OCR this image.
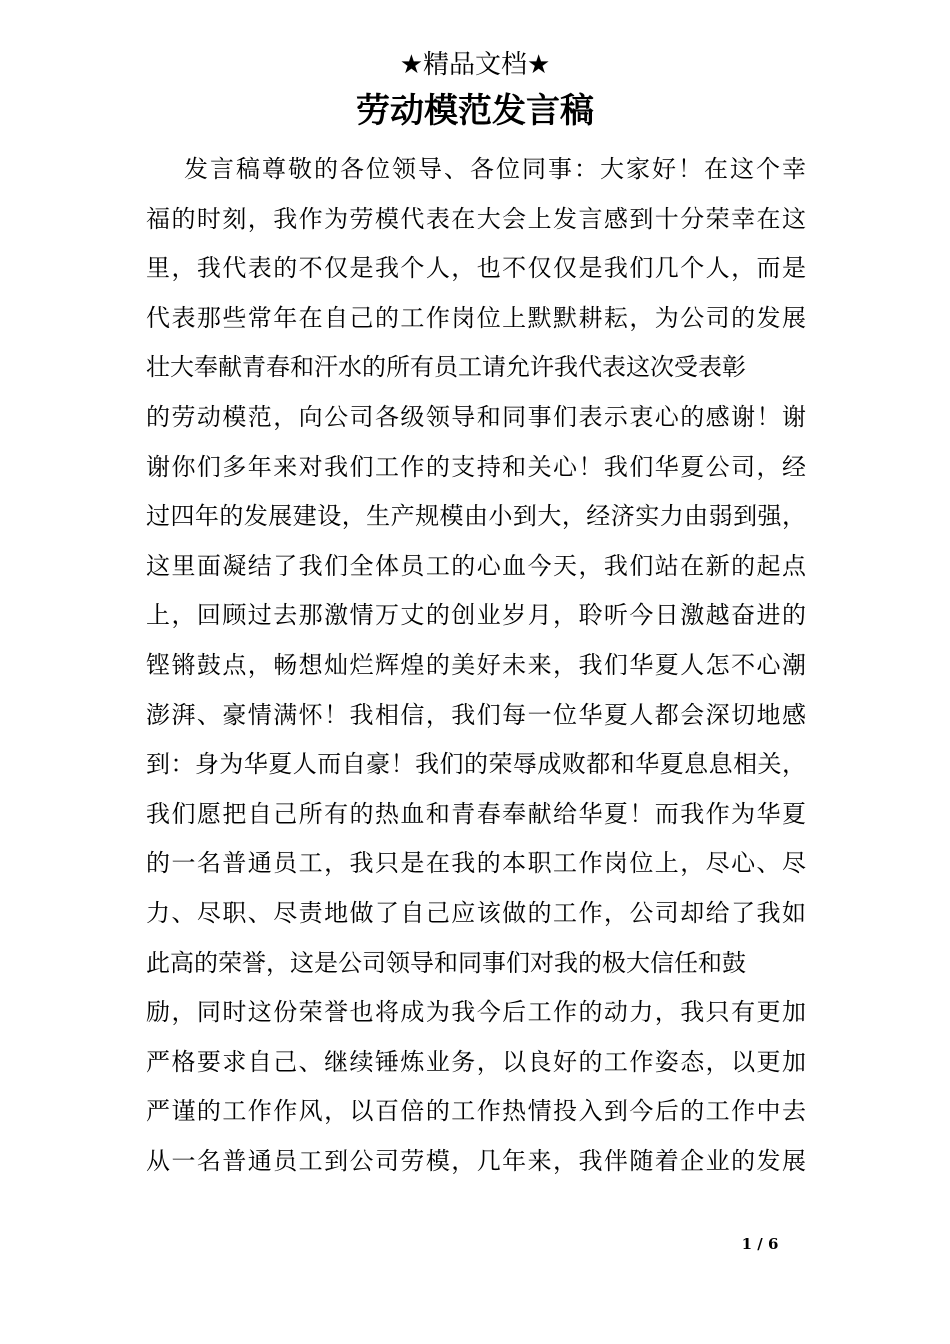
★精品文档★
劳动模范发言稿
发言稿尊敬的各位领导、各位同事：大家好！在这个幸
福的时刻，我作为劳模代表在大会上发言感到十分荣幸在这
里，我代表的不仅是我个人，也不仅仅是我们几个人，而是
代表那些常年在自己的工作岗位上默默耕耘，为公司的发展
壮大奉献青春和汗水的所有员工请允许我代表这次受表彰
的劳动模范，向公司各级领导和同事们表示衷心的感谢！谢
谢你们多年来对我们工作的支持和关心！我们华夏公司，经
过四年的发展建设，生产规模由小到大，经济实力由弱到强，
这里面凝结了我们全体员工的心血今天，我们站在新的起点
上，回顾过去那激情万丈的创业岁月，聆听今日激越奋进的
铿锵鼓点，畅想灿烂辉煌的美好未来，我们华夏人怎不心潮
澎湃、豪情满怀！我相信，我们每一位华夏人都会深切地感
到：身为华夏人而自豪！我们的荣辱成败都和华夏息息相关，
我们愿把自己所有的热血和青春奉献给华夏！而我作为华夏
的一名普通员工，我只是在我的本职工作岗位上，尽心、尽
力、尽职、尽责地做了自己应该做的工作，公司却给了我如
此高的荣誉，这是公司领导和同事们对我的极大信任和鼓
励，同时这份荣誉也将成为我今后工作的动力，我只有更加
严格要求自己、继续锤炼业务，以良好的工作姿态，以更加
严谨的工作作风，以百倍的工作热情投入到今后的工作中去
从一名普通员工到公司劳模，几年来，我伴随着企业的发展
1 / 6
